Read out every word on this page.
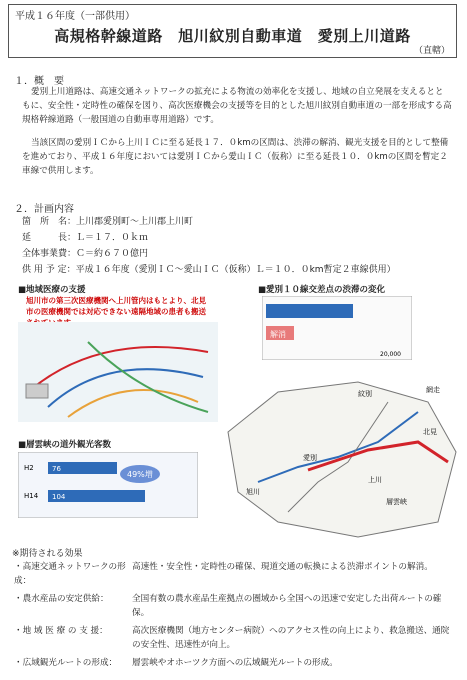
平成１６年度（一部供用）
高規格幹線道路　旭川紋別自動車道　愛別上川道路
（直轄）
１．概　要
愛別上川道路は、高速交通ネットワークの拡充による物流の効率化を支援し、地域の自立発展を支えるとともに、安全性・定時性の確保を図り、高次医療機会の支援等を目的とした旭川紋別自動車道の一部を形成する高規格幹線道路（一般国道の自動車専用道路）です。
当該区間の愛別ＩＣから上川ＩＣに至る延長１７．０kmの区間は、渋滞の解消、観光支援を目的として整備を進めており、平成１６年度においては愛別ＩＣから愛山ＩＣ（仮称）に至る延長１０．０kmの区間を暫定２車線で供用します。
２．計画内容
箇　所　名：上川郡愛別町～上川郡上川町
延　　　長：Ｌ＝１７．０ｋｍ
全体事業費：Ｃ＝約６７０億円
供 用 予 定：平成１６年度（愛別ＩＣ～愛山ＩＣ（仮称）Ｌ＝１０．０km暫定２車線供用）
■地域医療の支援
旭川市の第三次医療機関へ上川管内はもとより、北見市の医療機関では対応できない遠隔地域の患者も搬送
■愛別１０線交差点の渋滞の変化
解消
20,000
■層雲峡の道外観光客数
H2	76
H14 104
49%増
旭川
上川
愛別
層雲峡
北見
網走
紋別
※期待される効果
・高速交通ネットワークの形成：高速性・安全性・定時性の確保、現道交通の転換による渋滞ポイントの解消。
・農水産品の安定供給：	全国有数の農水産品生産拠点の圏域から全国への迅速で安定した出荷ルートの確保。
・地 域 医 療 の 支 援：	高次医療機関（地方センター病院）へのアクセス性の向上により、救急搬送、通院の安全性、迅速性が向上。
・広域観光ルートの形成： 層雲峡やオホーツク方面への広域観光ルートの形成。
